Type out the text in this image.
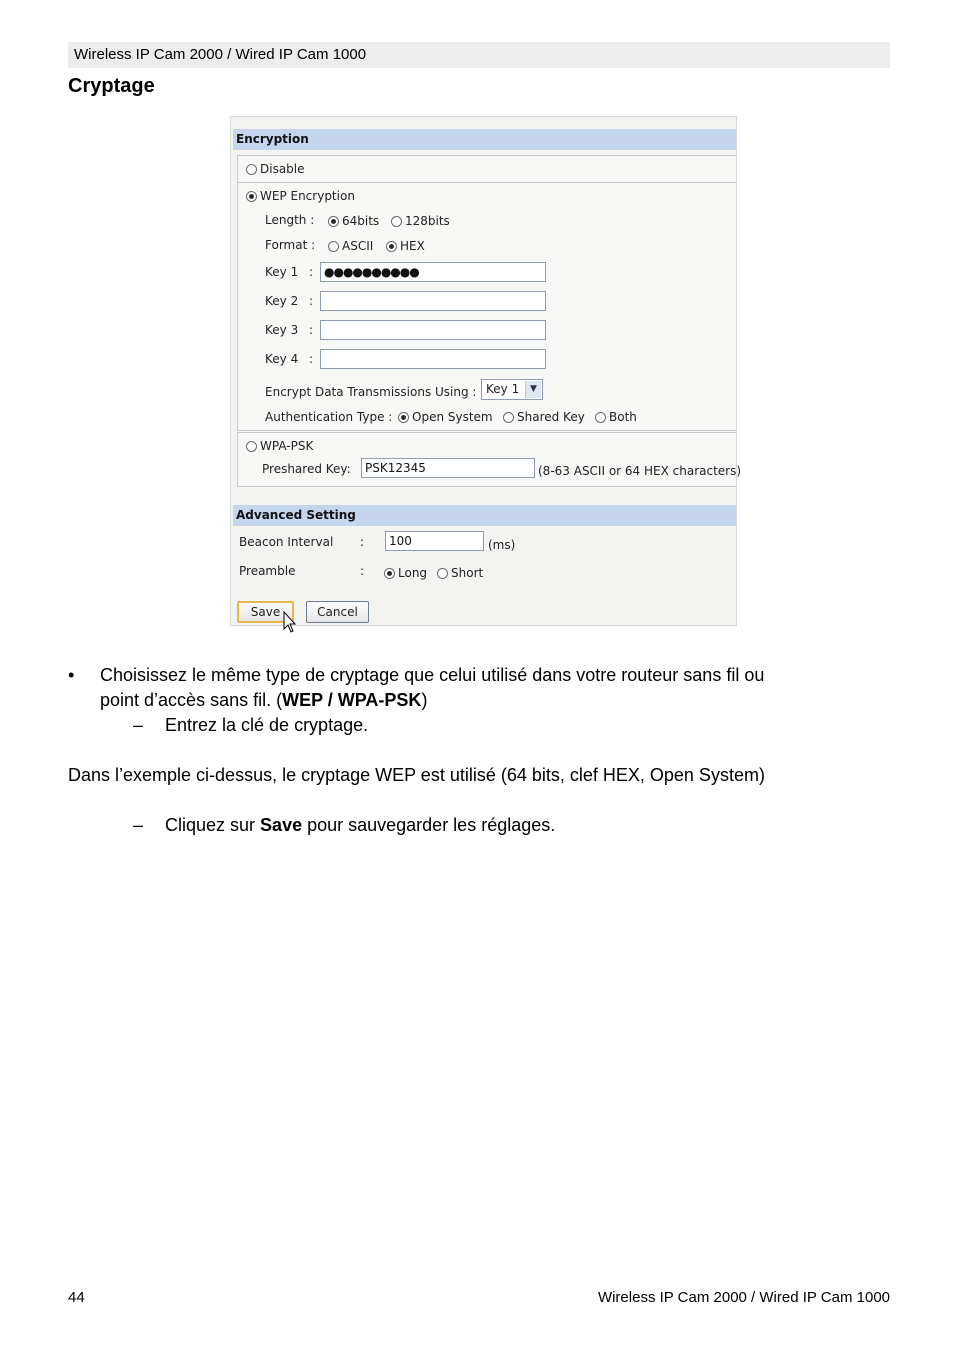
Wireless IP Cam 2000 / Wired IP Cam 1000
Cryptage
Encryption
Disable
WEP Encryption
Length :	64bits	128bits
Format :	ASCII	HEX
Key 1 : ●●●●●●●●●●
Key 2 :
Key 3 :
Key 4 :
Encrypt Data Transmissions Using : Key 1	▼
Authentication Type :	Open System	Shared Key	Both
WPA-PSK
Preshared Key:	PSK12345	(8-63 ASCII or 64 HEX characters)
Advanced Setting
Beacon Interval :	100	(ms)
Preamble	:	Long	Short
Save	Cancel
• Choisissez le même type de cryptage que celui utilisé dans votre routeur sans fil ou
point d’accès sans fil. (WEP / WPA-PSK)
– Entrez la clé de cryptage.
Dans l’exemple ci-dessus, le cryptage WEP est utilisé (64 bits, clef HEX, Open System)
– Cliquez sur Save pour sauvegarder les réglages.
44	Wireless IP Cam 2000 / Wired IP Cam 1000
